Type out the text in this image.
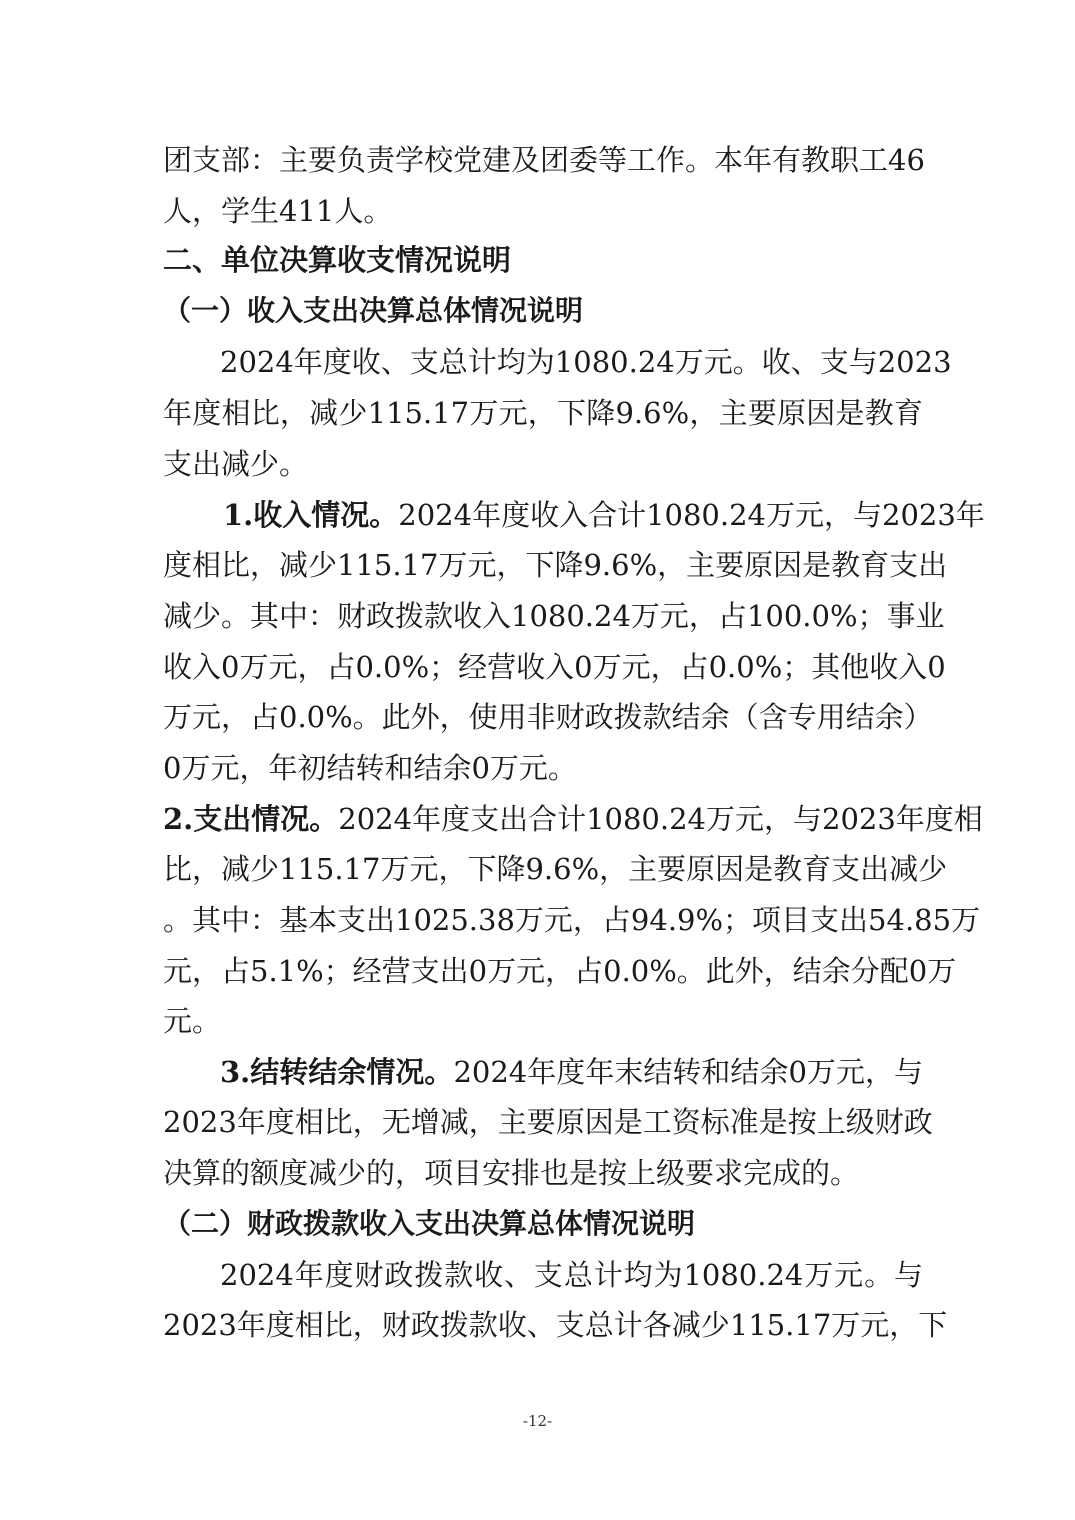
团支部：主要负责学校党建及团委等工作。本年有教职工46
人，学生411人。
二、单位决算收支情况说明
（一）收入支出决算总体情况说明
2024年度收、支总计均为1080.24万元。收、支与2023
年度相比，减少115.17万元，下降9.6%，主要原因是教育
支出减少。
1.收入情况。2024年度收入合计1080.24万元，与2023年
度相比，减少115.17万元，下降9.6%，主要原因是教育支出
减少。其中：财政拨款收入1080.24万元，占100.0%；事业
收入0万元，占0.0%；经营收入0万元，占0.0%；其他收入0
万元，占0.0%。此外，使用非财政拨款结余（含专用结余）
0万元，年初结转和结余0万元。
2.支出情况。2024年度支出合计1080.24万元，与2023年度相
比，减少115.17万元，下降9.6%，主要原因是教育支出减少
。其中：基本支出1025.38万元，占94.9%；项目支出54.85万
元，占5.1%；经营支出0万元，占0.0%。此外，结余分配0万
元。
3.结转结余情况。2024年度年末结转和结余0万元，与
2023年度相比，无增减，主要原因是工资标准是按上级财政
决算的额度减少的，项目安排也是按上级要求完成的。
（二）财政拨款收入支出决算总体情况说明
2024年度财政拨款收、支总计均为1080.24万元。与
2023年度相比，财政拨款收、支总计各减少115.17万元，下
-12-
